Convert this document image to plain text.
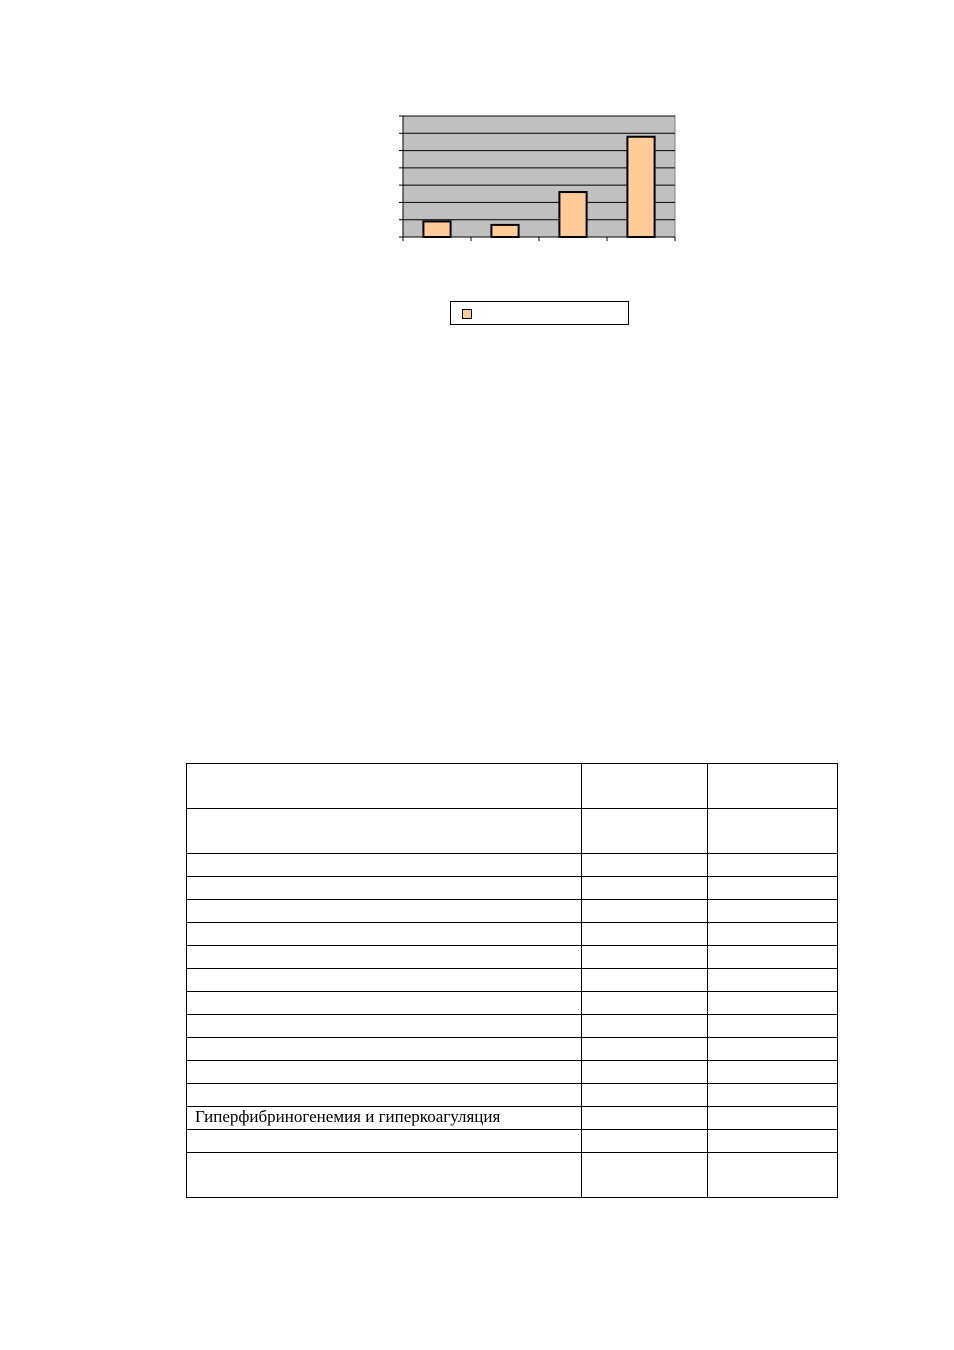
Гиперфибриногенемия и гиперкоагуляция		
